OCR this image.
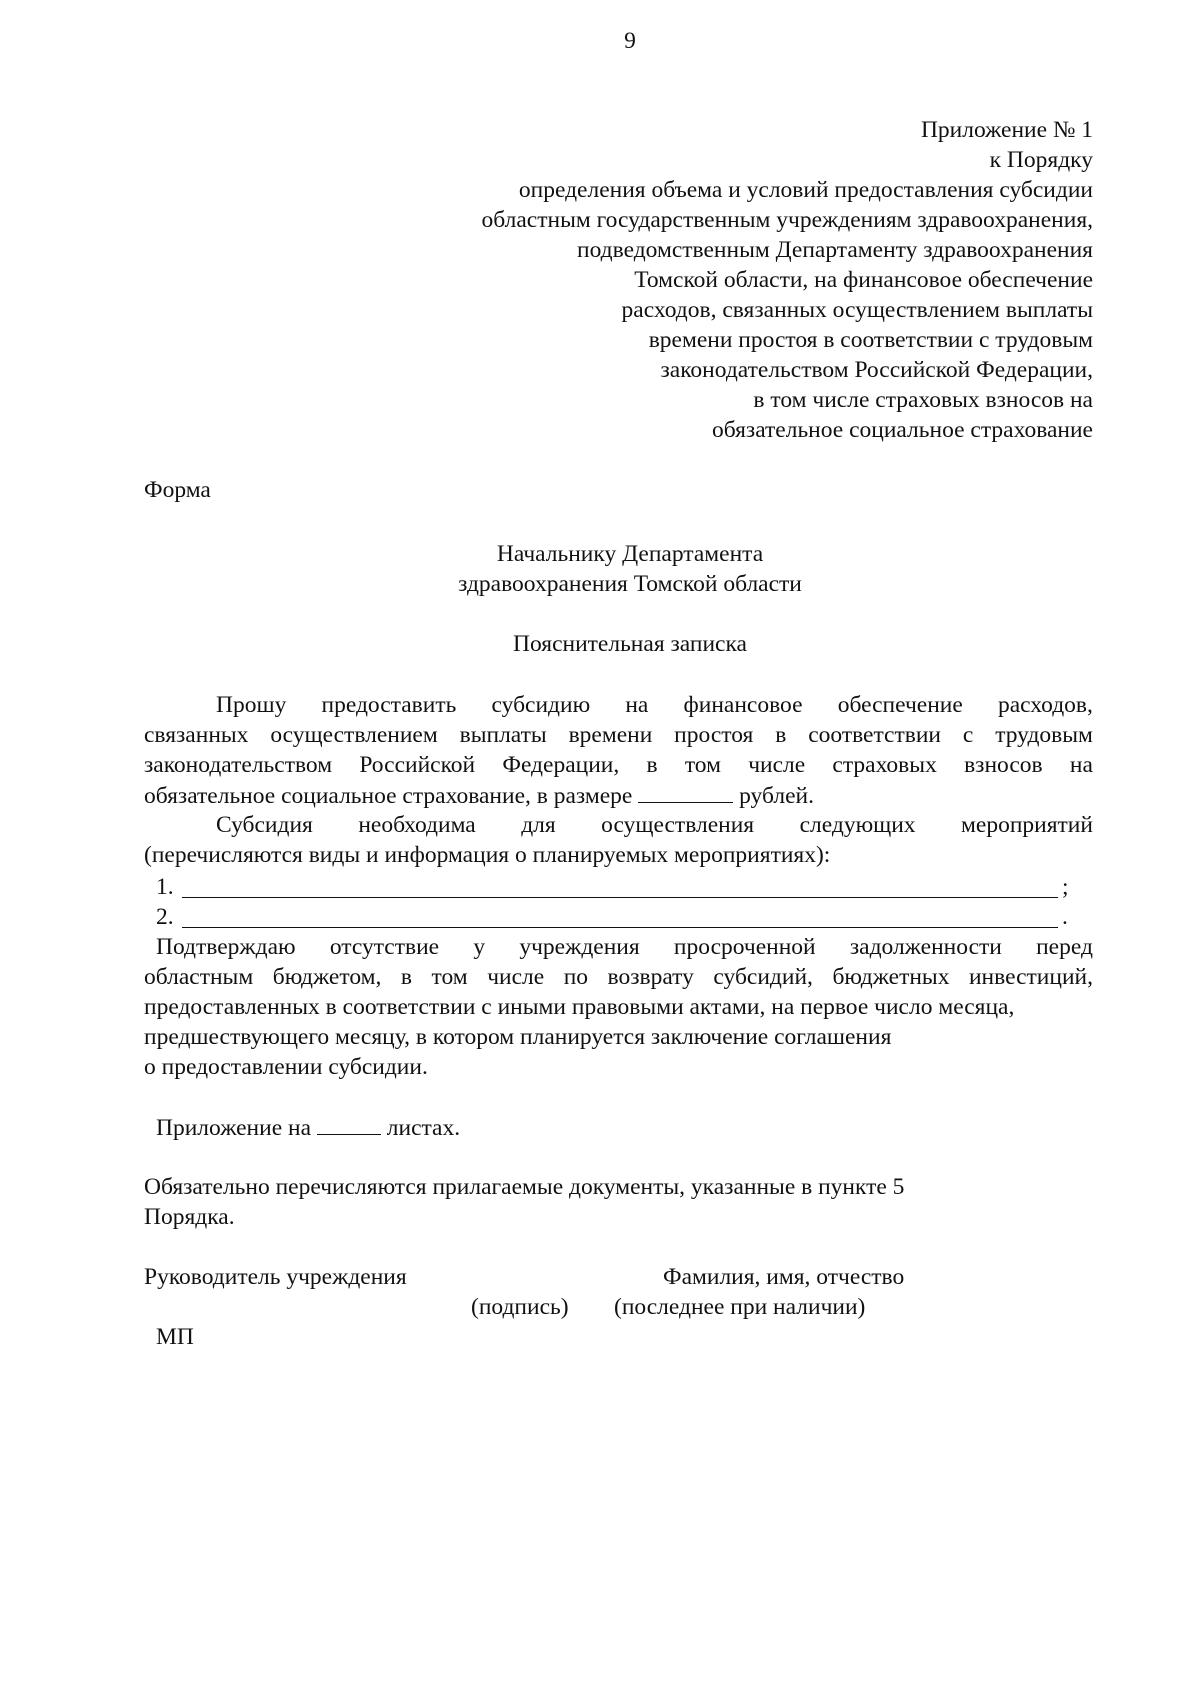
9
Приложение № 1
к Порядку
определения объема и условий предоставления субсидии
областным государственным учреждениям здравоохранения,
подведомственным Департаменту здравоохранения
Томской области, на финансовое обеспечение
расходов, связанных осуществлением выплаты
времени простоя в соответствии с трудовым
законодательством Российской Федерации,
в том числе страховых взносов на
обязательное социальное страхование
Форма
Начальнику Департамента
здравоохранения Томской области
Пояснительная записка
Прошу предоставить субсидию на финансовое обеспечение расходов,
связанных осуществлением выплаты времени простоя в соответствии с трудовым
законодательством Российской Федерации, в том числе страховых взносов на
обязательное социальное страхование, в размере	рублей.
Субсидия необходима для осуществления следующих мероприятий
(перечисляются виды и информация о планируемых мероприятиях):
1.	;
2.	.
Подтверждаю отсутствие у учреждения просроченной задолженности перед
областным бюджетом, в том числе по возврату субсидий, бюджетных инвестиций,
предоставленных в соответствии с иными правовыми актами, на первое число месяца,
предшествующего месяцу, в котором планируется заключение соглашения
о предоставлении субсидии.
Приложение на	листах.
Обязательно перечисляются прилагаемые документы, указанные в пункте 5
Порядка.
Руководитель учреждения	Фамилия, имя, отчество
(подпись) (последнее при наличии)
МП
